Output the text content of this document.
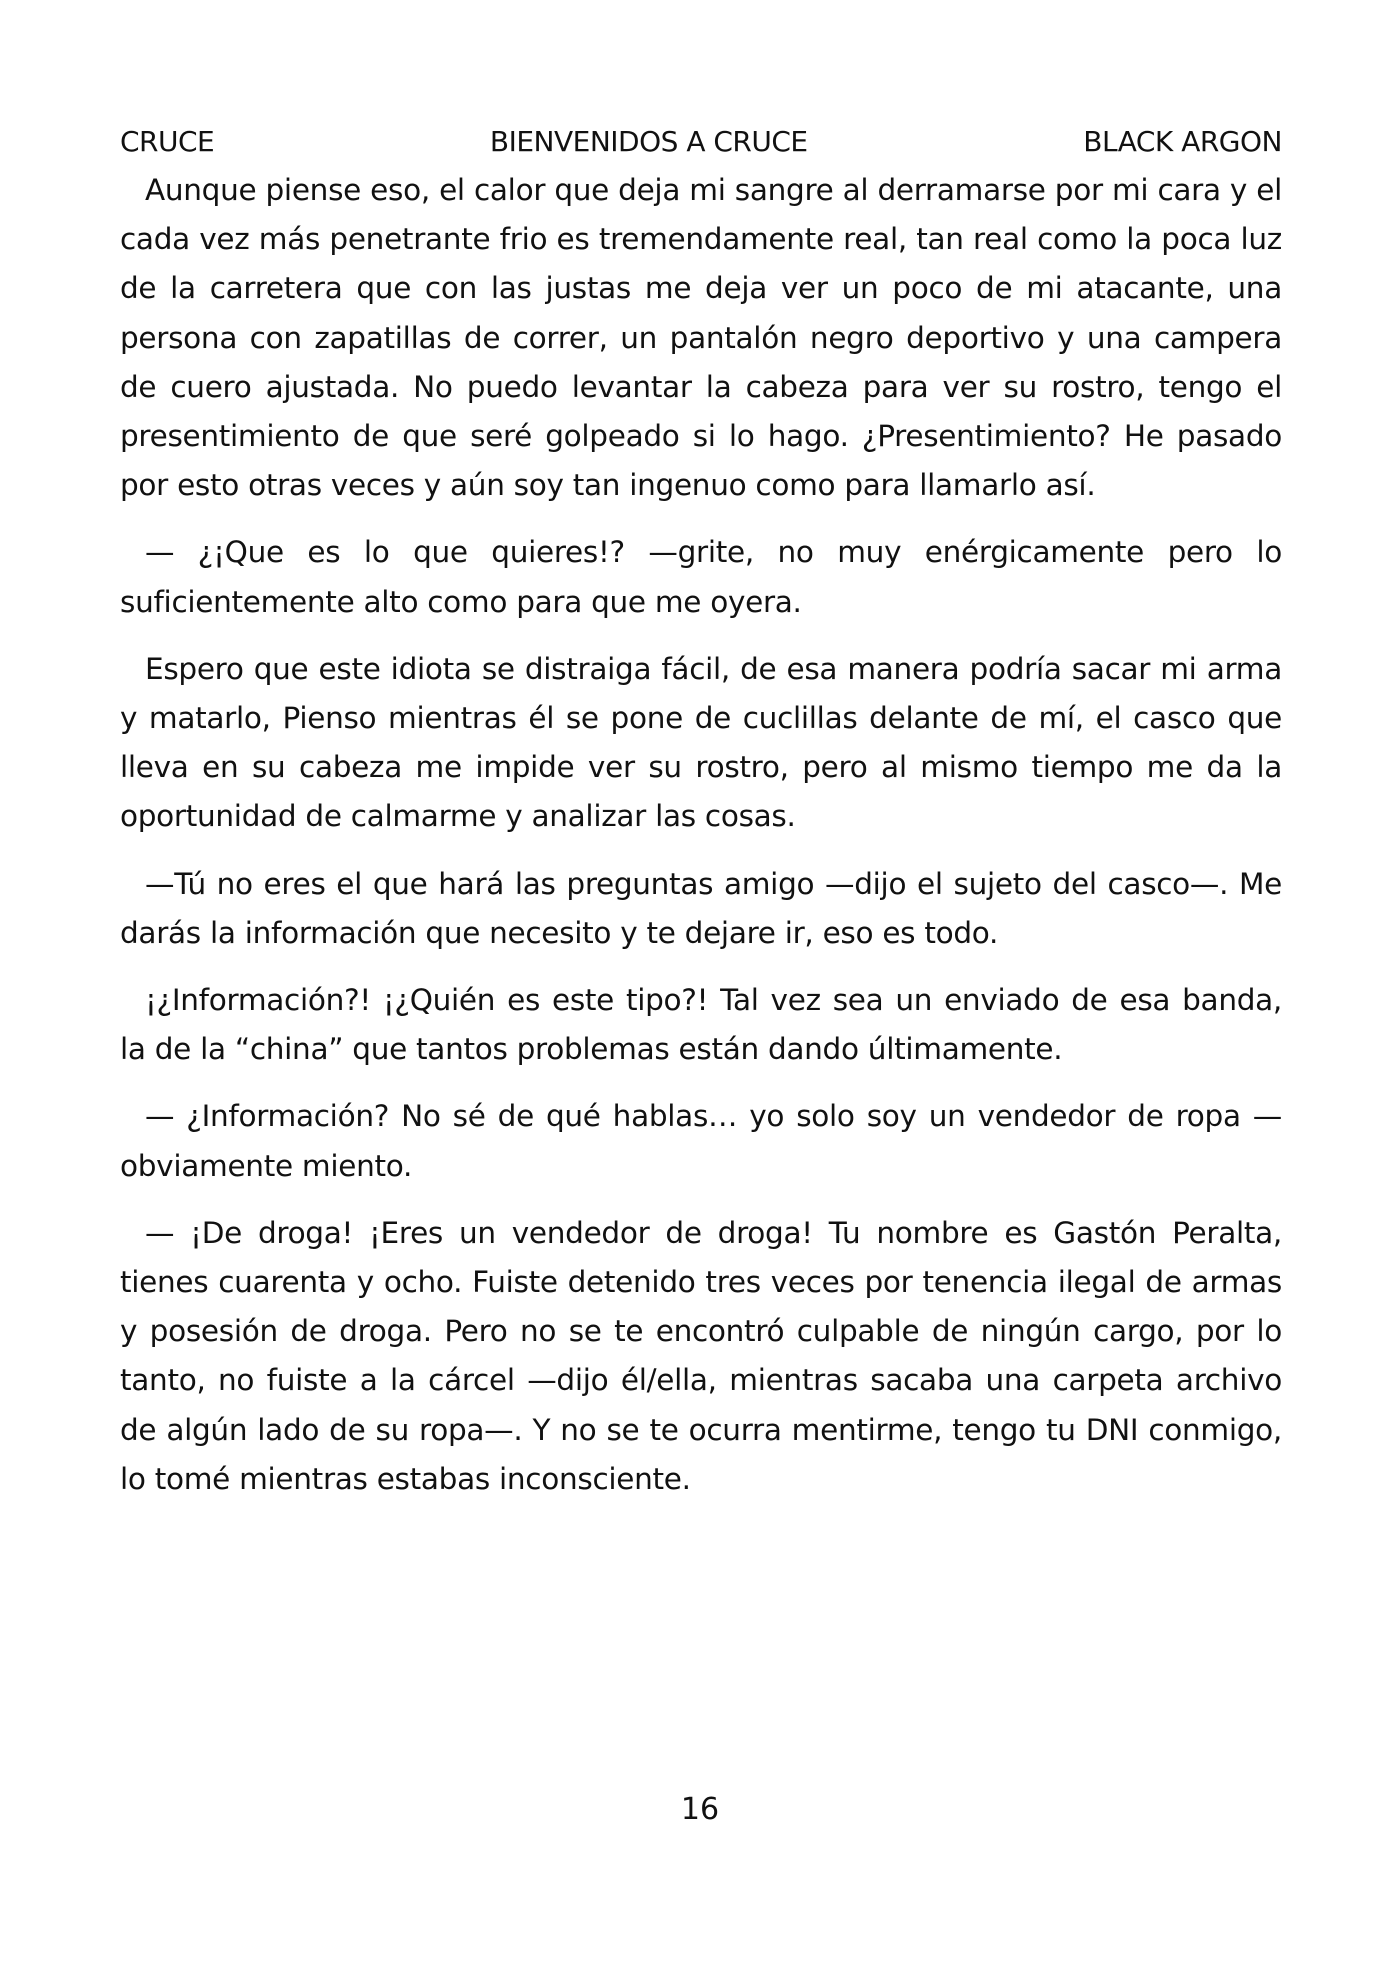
CRUCE	BIENVENIDOS A CRUCE	BLACK ARGON

Aunque piense eso, el calor que deja mi sangre al derramarse por mi cara y el cada vez más penetrante frio es tremendamente real, tan real como la poca luz de la carretera que con las justas me deja ver un poco de mi atacante, una persona con zapatillas de correr, un pantalón negro deportivo y una campera de cuero ajustada. No puedo levantar la cabeza para ver su rostro, tengo el presentimiento de que seré golpeado si lo hago. ¿Presentimiento? He pasado por esto otras veces y aún soy tan ingenuo como para llamarlo así.

— ¿¡Que es lo que quieres!? —grite, no muy enérgicamente pero lo suficientemente alto como para que me oyera.

Espero que este idiota se distraiga fácil, de esa manera podría sacar mi arma y matarlo, Pienso mientras él se pone de cuclillas delante de mí, el casco que lleva en su cabeza me impide ver su rostro, pero al mismo tiempo me da la oportunidad de calmarme y analizar las cosas.

—Tú no eres el que hará las preguntas amigo —dijo el sujeto del casco—. Me darás la información que necesito y te dejare ir, eso es todo.

¡¿Información?! ¡¿Quién es este tipo?! Tal vez sea un enviado de esa banda, la de la “china” que tantos problemas están dando últimamente.

— ¿Información? No sé de qué hablas… yo solo soy un vendedor de ropa —obviamente miento.

— ¡De droga! ¡Eres un vendedor de droga! Tu nombre es Gastón Peralta, tienes cuarenta y ocho. Fuiste detenido tres veces por tenencia ilegal de armas y posesión de droga. Pero no se te encontró culpable de ningún cargo, por lo tanto, no fuiste a la cárcel —dijo él/ella, mientras sacaba una carpeta archivo de algún lado de su ropa—. Y no se te ocurra mentirme, tengo tu DNI conmigo, lo tomé mientras estabas inconsciente.

16
